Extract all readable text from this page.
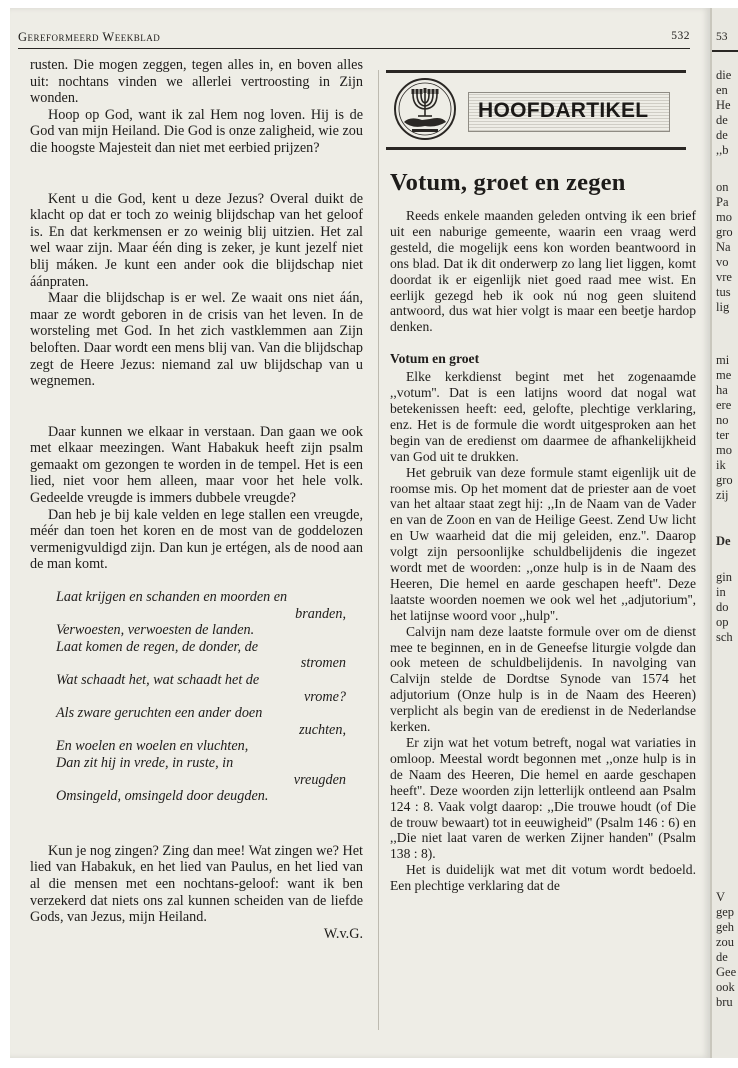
Gereformeerd Weekblad	532

rusten. Die mogen zeggen, tegen alles in, en boven alles uit: nochtans vinden we allerlei vertroosting in Zijn wonden.

Hoop op God, want ik zal Hem nog loven. Hij is de God van mijn Heiland. Die God is onze zaligheid, wie zou die hoogste Majesteit dan niet met eerbied prijzen?

Kent u die God, kent u deze Jezus? Overal duikt de klacht op dat er toch zo weinig blijdschap van het geloof is. En dat kerkmensen er zo weinig blij uitzien. Het zal wel waar zijn. Maar één ding is zeker, je kunt jezelf niet blij máken. Je kunt een ander ook die blijdschap niet áánpraten.

Maar die blijdschap is er wel. Ze waait ons niet áán, maar ze wordt geboren in de crisis van het leven. In de worsteling met God. In het zich vastklemmen aan Zijn beloften. Daar wordt een mens blij van. Van die blijdschap zegt de Heere Jezus: niemand zal uw blijdschap van u wegnemen.

Daar kunnen we elkaar in verstaan. Dan gaan we ook met elkaar meezingen. Want Habakuk heeft zijn psalm gemaakt om gezongen te worden in de tempel. Het is een lied, niet voor hem alleen, maar voor het hele volk. Gedeelde vreugde is immers dubbele vreugde?

Dan heb je bij kale velden en lege stallen een vreugde, méér dan toen het koren en de most van de goddelozen vermenigvuldigd zijn. Dan kun je ertégen, als de nood aan de man komt.

Laat krijgen en schanden en moorden en
branden,
Verwoesten, verwoesten de landen.
Laat komen de regen, de donder, de
stromen
Wat schaadt het, wat schaadt het de
vrome?
Als zware geruchten een ander doen
zuchten,
En woelen en woelen en vluchten,
Dan zit hij in vrede, in ruste, in
vreugden
Omsingeld, omsingeld door deugden.

Kun je nog zingen? Zing dan mee! Wat zingen we? Het lied van Habakuk, en het lied van Paulus, en het lied van al die mensen met een nochtans-geloof: want ik ben verzekerd dat niets ons zal kunnen scheiden van de liefde Gods, van Jezus, mijn Heiland.

W.v.G.

HOOFDARTIKEL
Votum, groet en zegen

Reeds enkele maanden geleden ontving ik een brief uit een naburige gemeente, waarin een vraag werd gesteld, die mogelijk eens kon worden beantwoord in ons blad. Dat ik dit onderwerp zo lang liet liggen, komt doordat ik er eigenlijk niet goed raad mee wist. En eerlijk gezegd heb ik ook nú nog geen sluitend antwoord, dus wat hier volgt is maar een beetje hardop denken.

Votum en groet

Elke kerkdienst begint met het zogenaamde ,,votum''. Dat is een latijns woord dat nogal wat betekenissen heeft: eed, gelofte, plechtige verklaring, enz. Het is de formule die wordt uitgesproken aan het begin van de eredienst om daarmee de afhankelijkheid van God uit te drukken.

Het gebruik van deze formule stamt eigenlijk uit de roomse mis. Op het moment dat de priester aan de voet van het altaar staat zegt hij: ,,In de Naam van de Vader en van de Zoon en van de Heilige Geest. Zend Uw licht en Uw waarheid dat die mij geleiden, enz.''. Daarop volgt zijn persoonlijke schuldbelijdenis die ingezet wordt met de woorden: ,,onze hulp is in de Naam des Heeren, Die hemel en aarde geschapen heeft''. Deze laatste woorden noemen we ook wel het ,,adjutorium'', het latijnse woord voor ,,hulp''.

Calvijn nam deze laatste formule over om de dienst mee te beginnen, en in de Geneefse liturgie volgde dan ook meteen de schuldbelijdenis. In navolging van Calvijn stelde de Dordtse Synode van 1574 het adjutorium (Onze hulp is in de Naam des Heeren) verplicht als begin van de eredienst in de Nederlandse kerken.

Er zijn wat het votum betreft, nogal wat variaties in omloop. Meestal wordt begonnen met ,,onze hulp is in de Naam des Heeren, Die hemel en aarde geschapen heeft''. Deze woorden zijn letterlijk ontleend aan Psalm 124 : 8. Vaak volgt daarop: ,,Die trouwe houdt (of Die de trouw bewaart) tot in eeuwigheid'' (Psalm 146 : 6) en ,,Die niet laat varen de werken Zijner handen'' (Psalm 138 : 8).

Het is duidelijk wat met dit votum wordt bedoeld. Een plechtige verklaring dat de

53
die
en
He
de
de
,,b
on
Pa
mo
gro
Na
vo
vre
tus
lig
mi
me
ha
ere
no
ter
mo
ik
gro
zij
De
gin
in
do
op
sch
V
gep
geh
zou
de
Gee
ook
bru
